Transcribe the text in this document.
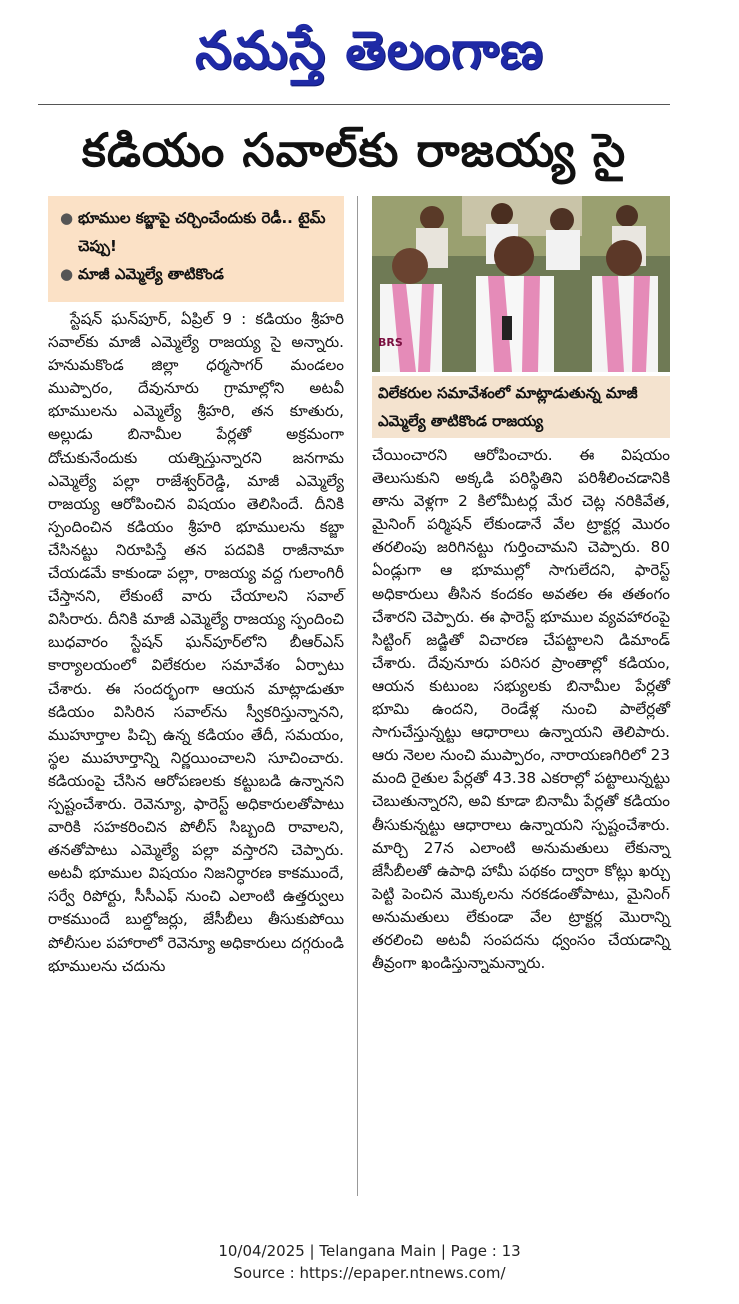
నమస్తే తెలంగాణ
కడియం సవాల్‌కు రాజయ్య సై
● భూముల కబ్జాపై చర్చించేందుకు రెడీ.. టైమ్ చెప్పు!
● మాజీ ఎమ్మెల్యే తాటికొండ
BRS
విలేకరుల సమావేశంలో మాట్లాడుతున్న మాజీ ఎమ్మెల్యే తాటికొండ రాజయ్య
స్టేషన్ ఘన్‌పూర్, ఏప్రిల్ 9 : కడియం శ్రీహరి సవాల్‌కు మాజీ ఎమ్మెల్యే రాజయ్య సై అన్నారు. హనుమకొండ జిల్లా ధర్మసాగర్ మండలం ముప్పారం, దేవునూరు గ్రామాల్లోని అటవీ భూములను ఎమ్మెల్యే శ్రీహరి, తన కూతురు, అల్లుడు బినామీల పేర్లతో అక్రమంగా దోచుకునేందుకు యత్నిస్తున్నారని జనగామ ఎమ్మెల్యే పల్లా రాజేశ్వర్‌రెడ్డి, మాజీ ఎమ్మెల్యే రాజయ్య ఆరోపించిన విషయం తెలిసిందే. దీనికి స్పందించిన కడియం శ్రీహరి భూములను కబ్జా చేసినట్టు నిరూపిస్తే తన పదవికి రాజీనామా చేయడమే కాకుండా పల్లా, రాజయ్య వద్ద గులాంగిరీ చేస్తానని, లేకుంటే వారు చేయాలని సవాల్ విసిరారు. దీనికి మాజీ ఎమ్మెల్యే రాజయ్య స్పందించి బుధవారం స్టేషన్ ఘన్‌పూర్‌లోని బీఆర్‌ఎస్ కార్యాలయంలో విలేకరుల సమావేశం ఏర్పాటు చేశారు. ఈ సందర్భంగా ఆయన మాట్లాడుతూ కడియం విసిరిన సవాల్‌ను స్వీకరిస్తున్నానని, ముహూర్తాల పిచ్చి ఉన్న కడియం తేదీ, సమయం, స్థల ముహూర్తాన్ని నిర్ణయించాలని సూచించారు. కడియంపై చేసిన ఆరోపణలకు కట్టుబడి ఉన్నానని స్పష్టంచేశారు. రెవెన్యూ, ఫారెస్ట్ అధికారులతోపాటు వారికి సహకరించిన పోలీస్ సిబ్బంది రావాలని, తనతోపాటు ఎమ్మెల్యే పల్లా వస్తారని చెప్పారు. అటవీ భూముల విషయం నిజనిర్ధారణ కాకముందే, సర్వే రిపోర్టు, సీసీఎఫ్ నుంచి ఎలాంటి ఉత్తర్వులు రాకముందే బుల్డోజర్లు, జేసీబీలు తీసుకుపోయి పోలీసుల పహారాలో రెవెన్యూ అధికారులు దగ్గరుండి భూములను చదును
చేయించారని ఆరోపించారు. ఈ విషయం తెలుసుకుని అక్కడి పరిస్థితిని పరిశీలించడానికి తాను వెళ్లగా 2 కిలోమీటర్ల మేర చెట్ల నరికివేత, మైనింగ్ పర్మిషన్ లేకుండానే వేల ట్రాక్టర్ల మొరం తరలింపు జరిగినట్టు గుర్తించామని చెప్పారు. 80 ఏండ్లుగా ఆ భూముల్లో సాగులేదని, ఫారెస్ట్ అధికారులు తీసిన కందకం అవతల ఈ తతంగం చేశారని చెప్పారు. ఈ ఫారెస్ట్ భూముల వ్యవహారంపై సిట్టింగ్ జడ్జితో విచారణ చేపట్టాలని డిమాండ్ చేశారు. దేవునూరు పరిసర ప్రాంతాల్లో కడియం, ఆయన కుటుంబ సభ్యులకు బినామీల పేర్లతో భూమి ఉందని, రెండేళ్ల నుంచి పాలేర్లతో సాగుచేస్తున్నట్టు ఆధారాలు ఉన్నాయని తెలిపారు. ఆరు నెలల నుంచి ముప్పారం, నారాయణగిరిలో 23 మంది రైతుల పేర్లతో 43.38 ఎకరాల్లో పట్టాలున్నట్టు చెబుతున్నారని, అవి కూడా బినామీ పేర్లతో కడియం తీసుకున్నట్టు ఆధారాలు ఉన్నాయని స్పష్టంచేశారు. మార్చి 27న ఎలాంటి అనుమతులు లేకున్నా జేసీబీలతో ఉపాధి హామీ పథకం ద్వారా కోట్లు ఖర్చు పెట్టి పెంచిన మొక్కలను నరకడంతోపాటు, మైనింగ్ అనుమతులు లేకుండా వేల ట్రాక్టర్ల మొరాన్ని తరలించి అటవీ సంపదను ధ్వంసం చేయడాన్ని తీవ్రంగా ఖండిస్తున్నామన్నారు.
10/04/2025 | Telangana Main | Page : 13
Source : https://epaper.ntnews.com/
